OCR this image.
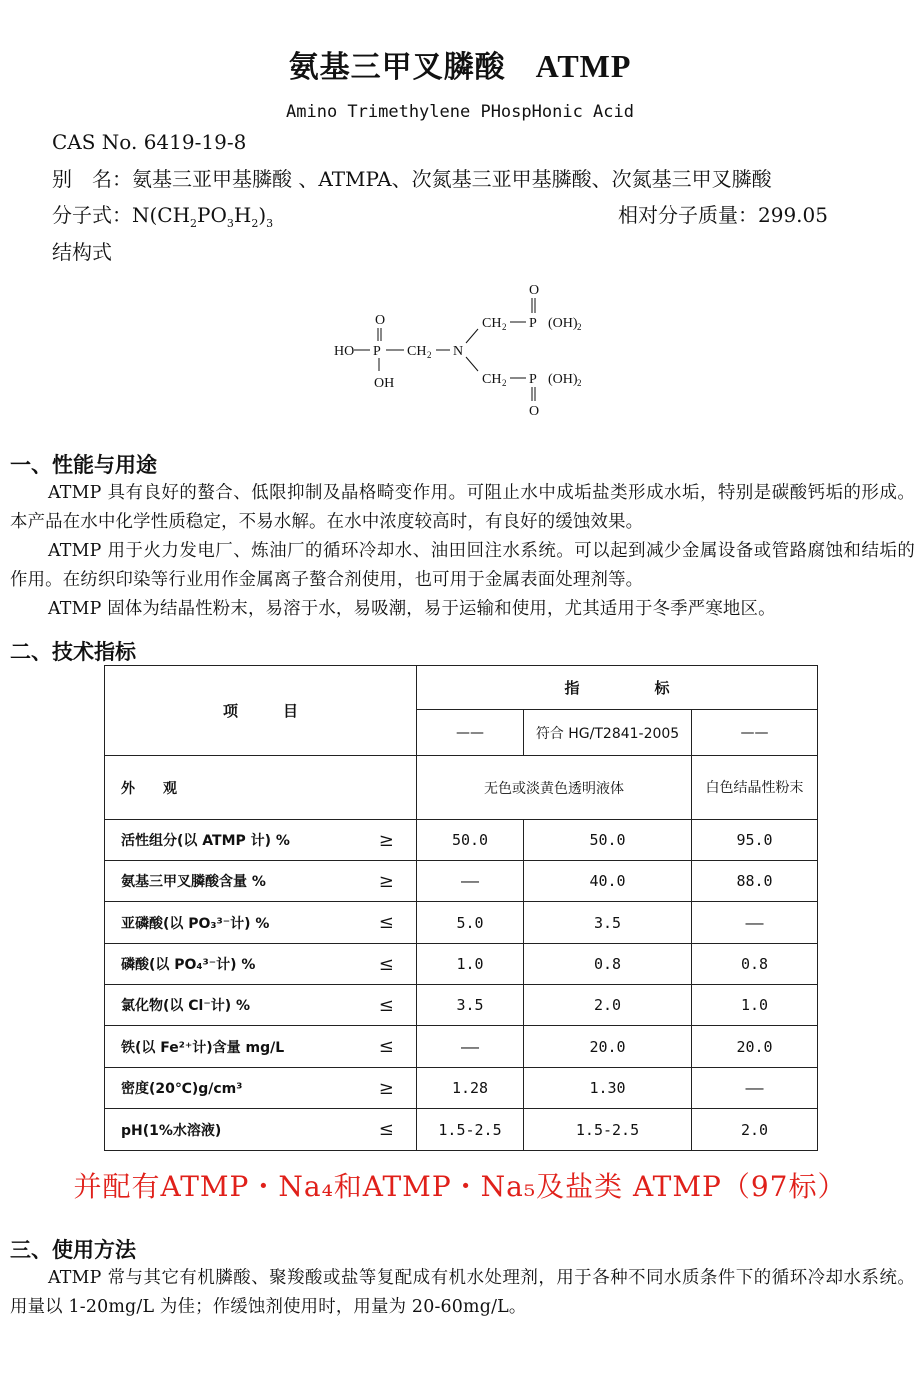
氨基三甲叉膦酸 ATMP
Amino Trimethylene PHospHonic Acid
CAS No. 6419-19-8
别　名：氨基三亚甲基膦酸 、ATMPA、次氮基三亚甲基膦酸、次氮基三甲叉膦酸
分子式：$N(CH_2PO_3H_2)_3$	相对分子质量：299.05
结构式
HO P
O
OH
CH 2 N
CH 2 P (OH) 2
O
CH 2 P (OH) 2
O
一、性能与用途
ATMP 具有良好的螯合、低限抑制及晶格畸变作用。可阻止水中成垢盐类形成水垢，特别是碳酸钙垢的形成。本产品在水中化学性质稳定，不易水解。在水中浓度较高时，有良好的缓蚀效果。
ATMP 用于火力发电厂、炼油厂的循环冷却水、油田回注水系统。可以起到减少金属设备或管路腐蚀和结垢的作用。在纺织印染等行业用作金属离子螯合剂使用，也可用于金属表面处理剂等。
ATMP 固体为结晶性粉末，易溶于水，易吸潮，易于运输和使用，尤其适用于冬季严寒地区。
二、技术指标
项　　　目		指　　　　　标		
		——	符合 HG/T2841-2005	——
外　　观		无色或淡黄色透明液体		白色结晶性粉末
活性组分(以 ATMP 计) %	≥	50.0	50.0	95.0
氨基三甲叉膦酸含量 %	≥	——	40.0	88.0
亚磷酸(以 PO₃³⁻计) %	≤	5.0	3.5	——
磷酸(以 PO₄³⁻计) %	≤	1.0	0.8	0.8
氯化物(以 Cl⁻计) %	≤	3.5	2.0	1.0
铁(以 Fe²⁺计)含量 mg/L	≤	——	20.0	20.0
密度(20℃)g/cm³	≥	1.28	1.30	——
pH(1%水溶液)	≤	1.5-2.5	1.5-2.5	2.0
并配有ATMP・Na₄和ATMP・Na₅及盐类 ATMP（97标）
三、使用方法
ATMP 常与其它有机膦酸、聚羧酸或盐等复配成有机水处理剂，用于各种不同水质条件下的循环冷却水系统。用量以 1-20mg/L 为佳；作缓蚀剂使用时，用量为 20-60mg/L。
